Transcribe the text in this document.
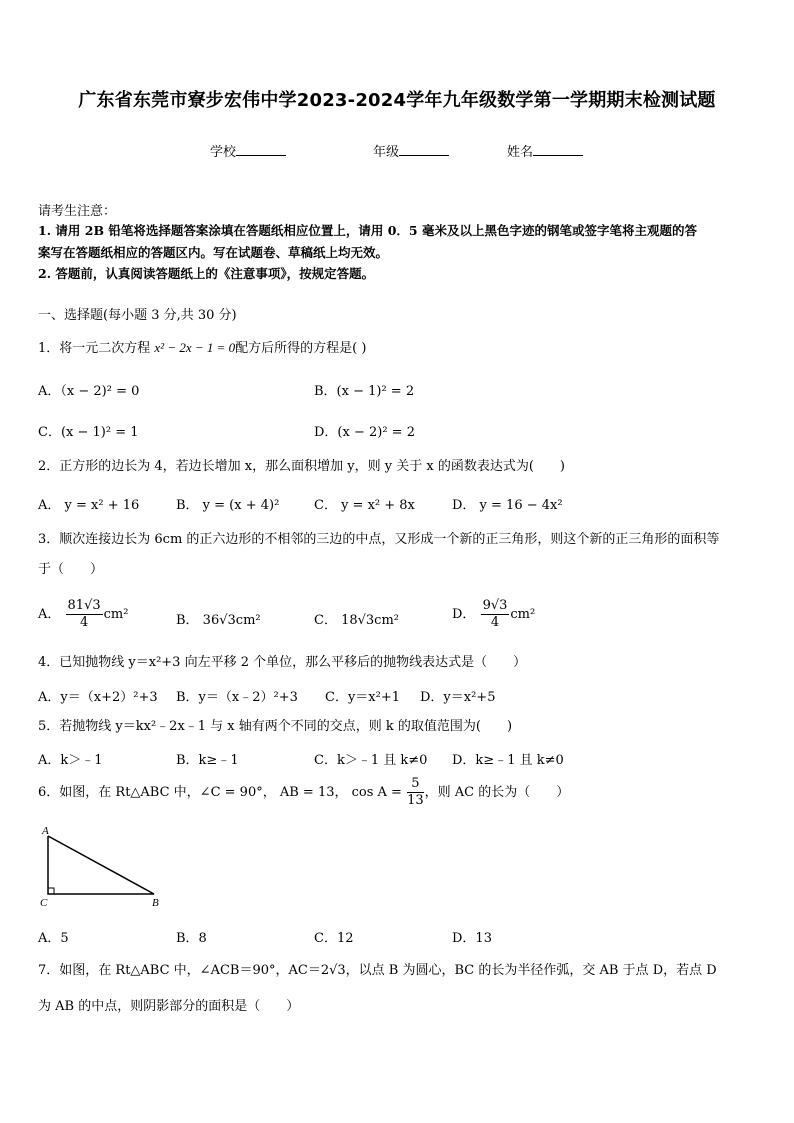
广东省东莞市寮步宏伟中学2023-2024学年九年级数学第一学期期末检测试题
学校	年级	姓名
请考生注意：
1. 请用 2B 铅笔将选择题答案涂填在答题纸相应位置上，请用 0．5 毫米及以上黑色字迹的钢笔或签字笔将主观题的答
案写在答题纸相应的答题区内。写在试题卷、草稿纸上均无效。
2. 答题前，认真阅读答题纸上的《注意事项》，按规定答题。
一、选择题(每小题 3 分,共 30 分)
1．将一元二次方程 x² − 2x − 1 = 0配方后所得的方程是( )
A．（x − 2)² = 0	B．(x − 1)² = 2
C．(x − 1)² = 1	D．(x − 2)² = 2
2．正方形的边长为 4，若边长增加 x，那么面积增加 y，则 y 关于 x 的函数表达式为(　　)
A． y = x² + 16	B． y = (x + 4)²	C． y = x² + 8x	D． y = 16 − 4x²
3．顺次连接边长为 6cm 的正六边形的不相邻的三边的中点，又形成一个新的正三角形，则这个新的正三角形的面积等
于（　　）
A． $\frac{81√3}{4} cm^2$	B． 36√3cm²	C． 18√3cm²	D． $\frac{9√3}{4} cm^2$
4．已知抛物线 y＝x²+3 向左平移 2 个单位，那么平移后的抛物线表达式是（　　）
A．y＝（x+2）²+3 B．y＝（x﹣2）²+3 C．y＝x²+1 D．y＝x²+5
5．若抛物线 y＝kx²﹣2x﹣1 与 x 轴有两个不同的交点，则 k 的取值范围为(　　)
A．k＞﹣1	B．k≥﹣1	C．k＞﹣1 且 k≠0 D．k≥﹣1 且 k≠0
6．如图，在 Rt△ABC 中，∠C = 90°， AB = 13， $\cos A = \frac{5}{13}$ ，则 AC 的长为（　　）
A
C	B
A．5	B．8	C．12	D．13
7．如图，在 Rt△ABC 中，∠ACB＝90°，AC＝2√3，以点 B 为圆心，BC 的长为半径作弧，交 AB 于点 D，若点 D
为 AB 的中点，则阴影部分的面积是（　　）
